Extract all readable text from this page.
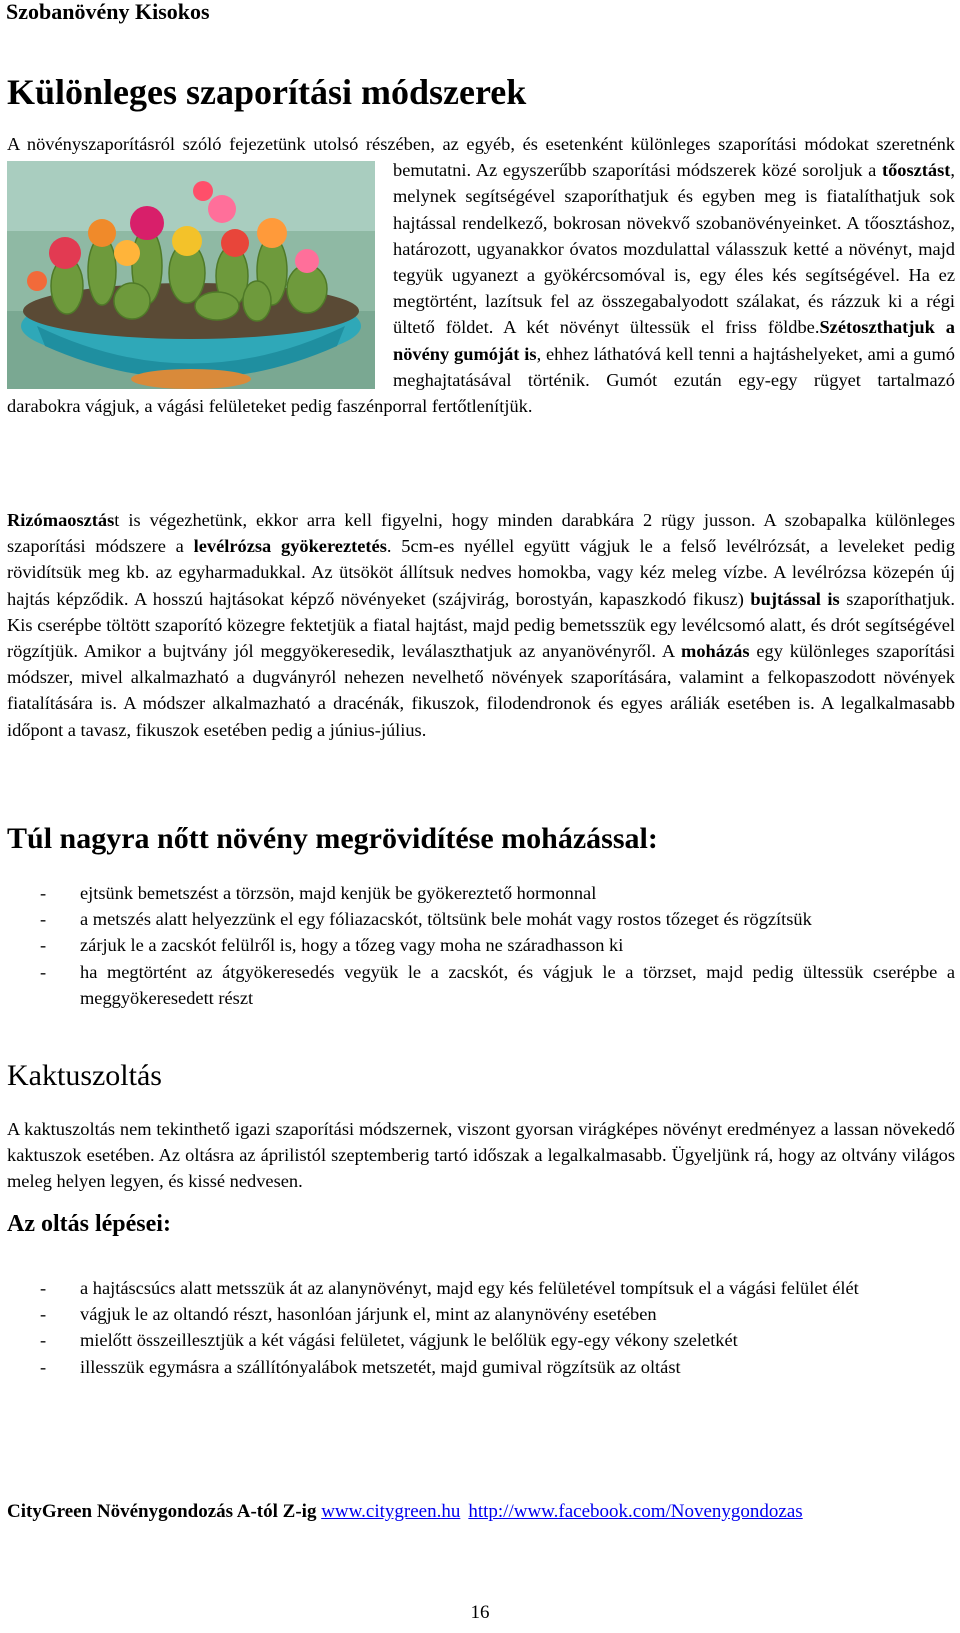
Szobanövény Kisokos
Különleges szaporítási módszerek

A növényszaporításról szóló fejezetünk utolsó részében, az egyéb, és esetenként különleges szaporítási módokat szeretnénk bemutatni. Az egyszerűbb szaporítási módszerek közé soroljuk a tőosztást
, melynek segítségével szaporíthatjuk és egyben meg is fiatalíthatjuk sok hajtással rendelkező, bokrosan növekvő szobanövényeinket. A tőosztáshoz, határozott, ugyanakkor óvatos mozdulattal válasszuk ketté a növényt, majd tegyük ugyanezt a gyökércsomóval is, egy éles kés segítségével. Ha ez megtörtént, lazítsuk fel az összegabalyodott szálakat, és rázzuk ki a régi ültető földet. A két növényt ültessük el friss földbe.Szétoszthatjuk a növény gumóját is, ehhez láthatóvá kell tenni a hajtáshelyeket, ami a gumó meghajtatásával történik. Gumót ezután egy-egy rügyet tartalmazó darabokra vágjuk, a vágási felületeket pedig faszénporral fertőtlenítjük.

Rizómaosztást is végezhetünk, ekkor arra kell figyelni, hogy minden darabkára 2 rügy jusson. A szobapalka különleges szaporítási módszere a levélrózsa gyökereztetés. 5cm-es nyéllel együtt vágjuk le a felső levélrózsát, a leveleket pedig rövidítsük meg kb. az egyharmadukkal. Az ütsököt állítsuk nedves homokba, vagy kéz meleg vízbe. A levélrózsa közepén új hajtás képződik. A hosszú hajtásokat képző növényeket (szájvirág, borostyán, kapaszkodó fikusz) bujtással is szaporíthatjuk. Kis cserépbe töltött szaporító közegre fektetjük a fiatal hajtást, majd pedig bemetsszük egy levélcsomó alatt, és drót segítségével rögzítjük. Amikor a bujtvány jól meggyökeresedik, leválaszthatjuk az anyanövényről. A moházás egy különleges szaporítási módszer, mivel alkalmazható a dugványról nehezen nevelhető növények szaporítására, valamint a felkopaszodott növények fiatalítására is. A módszer alkalmazható a dracénák, fikuszok, filodendronok és egyes aráliák esetében is. A legalkalmasabb időpont a tavasz, fikuszok esetében pedig a június-július.

Túl nagyra nőtt növény megrövidítése moházással:
- ejtsünk bemetszést a törzsön, majd kenjük be gyökereztető hormonnal
- a metszés alatt helyezzünk el egy fóliazacskót, töltsünk bele mohát vagy rostos tőzeget és rögzítsük
- zárjuk le a zacskót felülről is, hogy a tőzeg vagy moha ne száradhasson ki
- ha megtörtént az átgyökeresedés vegyük le a zacskót, és vágjuk le a törzset, majd pedig ültessük cserépbe a meggyökeresedett részt
Kaktuszoltás

A kaktuszoltás nem tekinthető igazi szaporítási módszernek, viszont gyorsan virágképes növényt eredményez a lassan növekedő kaktuszok esetében. Az oltásra az áprilistól szeptemberig tartó időszak a legalkalmasabb. Ügyeljünk rá, hogy az oltvány világos meleg helyen legyen, és kissé nedvesen.

Az oltás lépései:
- a hajtáscsúcs alatt metsszük át az alanynövényt, majd egy kés felületével tompítsuk el a vágási felület élét
- vágjuk le az oltandó részt, hasonlóan járjunk el, mint az alanynövény esetében
- mielőtt összeillesztjük a két vágási felületet, vágjunk le belőlük egy-egy vékony szeletkét
- illesszük egymásra a szállítónyalábok metszetét, majd gumival rögzítsük az oltást
CityGreen Növénygondozás A-tól Z-ig www.citygreen.hu http://www.facebook.com/Novenygondozas
16
